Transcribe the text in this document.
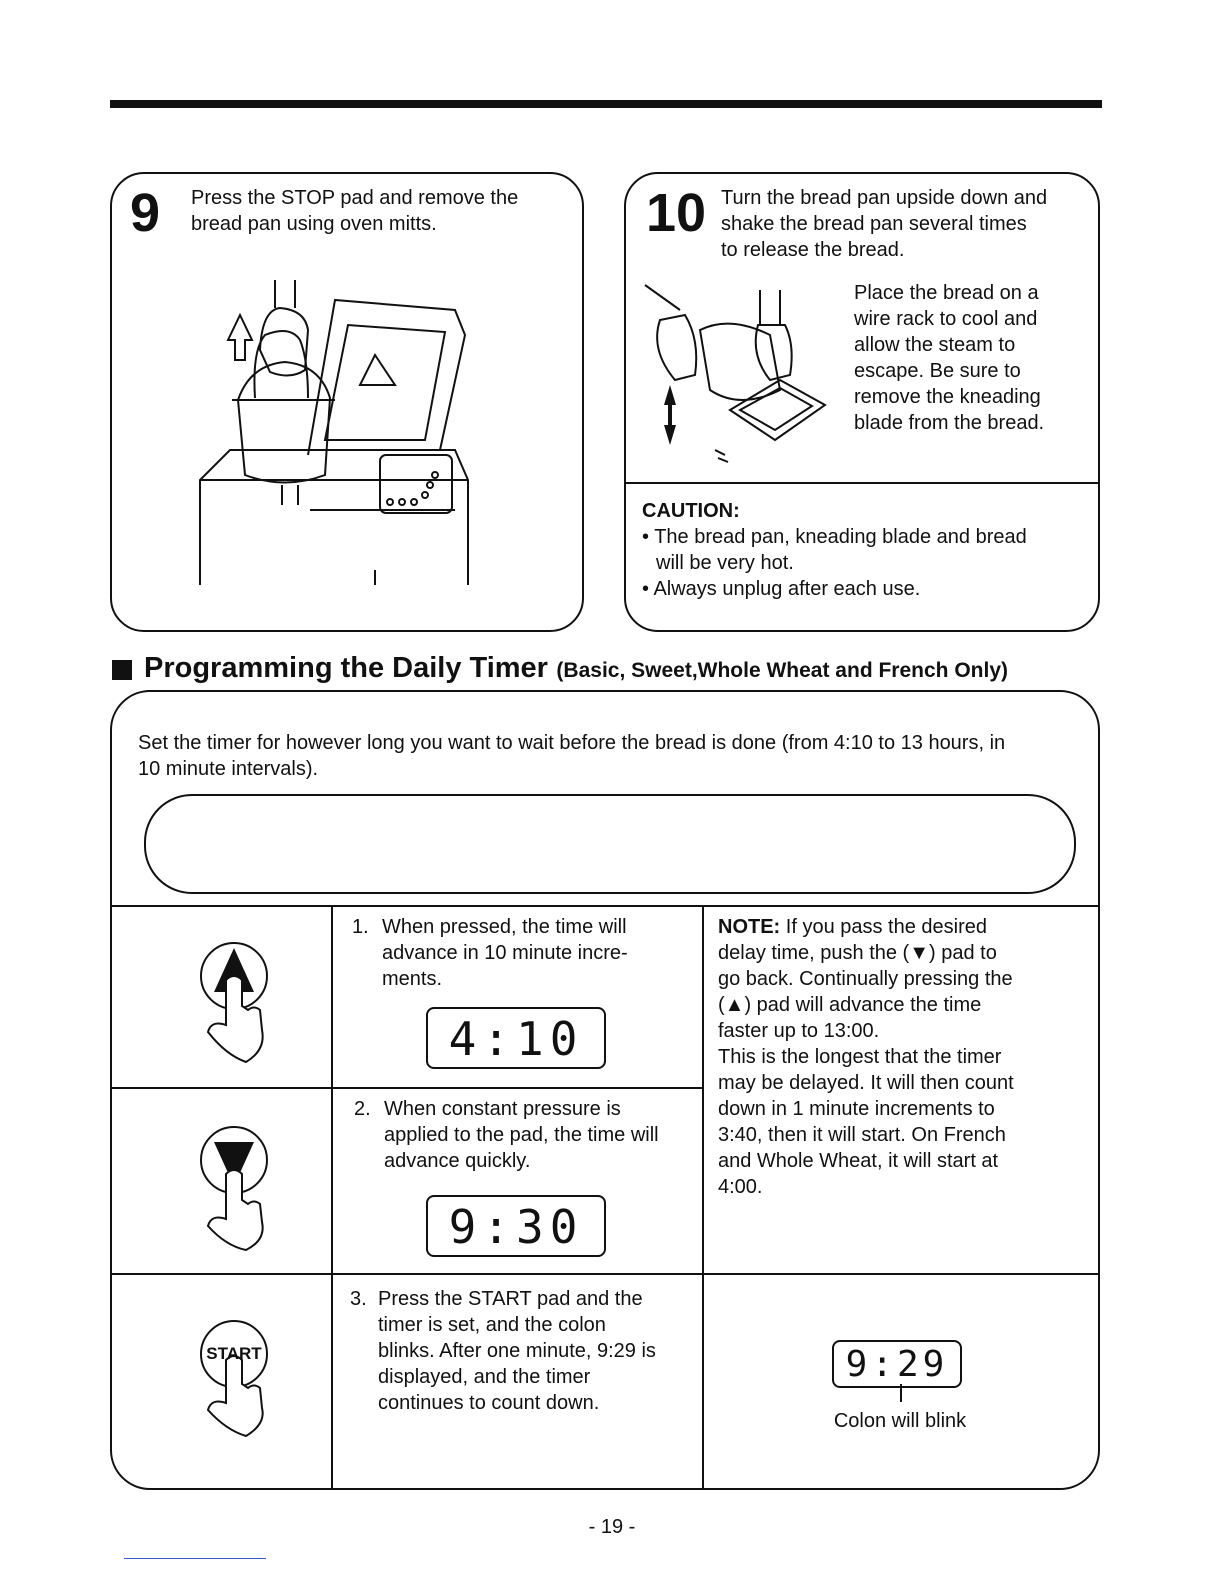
9 Press the STOP pad and remove the
bread pan using oven mitts.	10 Turn the bread pan upside down and
shake the bread pan several times
to release the bread.
Place the bread on a
wire rack to cool and
allow the steam to
escape. Be sure to
remove the kneading
blade from the bread.
CAUTION:
• The bread pan, kneading blade and bread
will be very hot.
• Always unplug after each use.
Programming the Daily Timer (Basic, Sweet,Whole Wheat and French Only)
Set the timer for however long you want to wait before the bread is done (from 4:10 to 13 hours, in
10 minute intervals).
START
1. When pressed, the time will
advance in 10 minute incre-
ments.
4:10
2. When constant pressure is
applied to the pad, the time will
advance quickly.
9:30
3. Press the START pad and the
timer is set, and the colon
blinks. After one minute, 9:29 is
displayed, and the timer
continues to count down.
9:29
Colon will blink
NOTE: If you pass the desired
delay time, push the (▼) pad to
go back. Continually pressing the
(▲) pad will advance the time
faster up to 13:00.
This is the longest that the timer
may be delayed. It will then count
down in 1 minute increments to
3:40, then it will start. On French
and Whole Wheat, it will start at
4:00.
- 19 -
